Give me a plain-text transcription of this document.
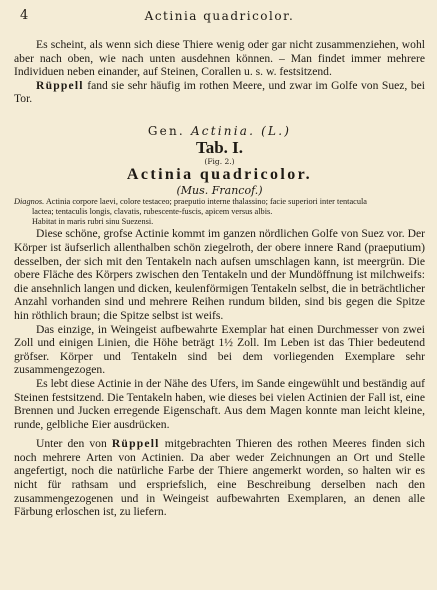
4	Actinia quadricolor.

Es scheint, als wenn sich diese Thiere wenig oder gar nicht zusammenziehen, wohl aber nach oben, wie nach unten ausdehnen können. – Man findet immer mehrere Individuen neben einander, auf Steinen, Corallen u. s. w. festsitzend.

Rüppell fand sie sehr häufig im rothen Meere, und zwar im Golfe von Suez, bei Tor.

Gen. Actinia. (L.)
Tab. I.
(Fig. 2.)
Actinia quadricolor.
(Mus. Francof.)
Diagnos. Actinia corpore laevi, colore testaceo; praeputio interne thalassino; facie superiori inter tentacula
lactea; tentaculis longis, clavatis, rubescente-fuscis, apicem versus albis.
Habitat in maris rubri sinu Suezensi.

Diese schöne, grofse Actinie kommt im ganzen nördlichen Golfe von Suez vor. Der Körper ist äufserlich allenthalben schön ziegelroth, der obere innere Rand (praeputium) desselben, der sich mit den Tentakeln nach aufsen umschlagen kann, ist meergrün. Die obere Fläche des Körpers zwischen den Tentakeln und der Mundöffnung ist milchweifs: die ansehnlich langen und dicken, keulenförmigen Tentakeln selbst, die in beträchtlicher Anzahl vorhanden sind und mehrere Reihen rundum bilden, sind bis gegen die Spitze hin röthlich braun; die Spitze selbst ist weifs.

Das einzige, in Weingeist aufbewahrte Exemplar hat einen Durchmesser von zwei Zoll und einigen Linien, die Höhe beträgt 1½ Zoll. Im Leben ist das Thier bedeutend gröfser. Körper und Tentakeln sind bei dem vorliegenden Exemplare sehr zusammengezogen.

Es lebt diese Actinie in der Nähe des Ufers, im Sande eingewühlt und beständig auf Steinen festsitzend. Die Tentakeln haben, wie dieses bei vielen Actinien der Fall ist, eine Brennen und Jucken erregende Eigenschaft. Aus dem Magen konnte man leicht kleine, runde, gelbliche Eier ausdrücken.

Unter den von Rüppell mitgebrachten Thieren des rothen Meeres finden sich noch mehrere Arten von Actinien. Da aber weder Zeichnungen an Ort und Stelle angefertigt, noch die natürliche Farbe der Thiere angemerkt worden, so halten wir es nicht für rathsam und erspriefslich, eine Beschreibung derselben nach den zusammengezogenen und in Weingeist aufbewahrten Exemplaren, an denen alle Färbung erloschen ist, zu liefern.
